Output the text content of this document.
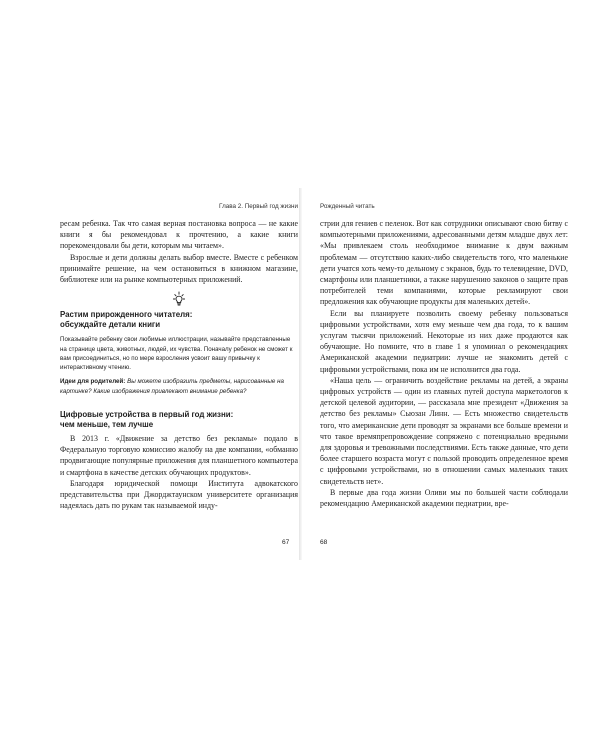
Глава 2. Первый год жизни	Рожденный читать

ресам ребенка. Так что самая верная постановка вопроса — не какие книги я бы рекомендовал к прочтению, а какие книги порекомендовали бы дети, которым мы читаем».

Взрослые и дети должны делать выбор вместе. Вместе с ребенком принимайте решение, на чем остановиться в книжном магазине, библиотеке или на рынке компьютерных приложений.

Растим прирожденного читателя:

обсуждайте детали книги

Показывайте ребенку свои любимые иллюстрации, называйте представленные на странице цвета, животных, людей, их чувства. Поначалу ребенок не сможет к вам присоединиться, но по мере взросления усвоит вашу привычку к интерактивному чтению.

Идеи для родителей: Вы можете изобразить предметы, нарисованные на картинке? Какие изображения привлекают внимание ребенка?

Цифровые устройства в первый год жизни:

чем меньше, тем лучше

В 2013 г. «Движение за детство без рекламы» подало в Федеральную торговую комиссию жалобу на две компании, «обманно продвигающие популярные приложения для планшетного компьютера и смартфона в качестве детских обучающих продуктов».

Благодаря юридической помощи Института адвокатского представительства при Джорджтаунском университете организация надеялась дать по рукам так называемой инду-

стрии для гениев с пеленок. Вот как сотрудники описывают свою битву с компьютерными приложениями, адресованными детям младше двух лет: «Мы привлекаем столь необходимое внимание к двум важным проблемам — отсутствию каких-либо свидетельств того, что маленькие дети учатся хоть чему-то дельному с экранов, будь то телевидение, DVD, смартфоны или планшетники, а также нарушению законов о защите прав потребителей теми компаниями, которые рекламируют свои предложения как обучающие продукты для маленьких детей».

Если вы планируете позволить своему ребенку пользоваться цифровыми устройствами, хотя ему меньше чем два года, то к вашим услугам тысячи приложений. Некоторые из них даже продаются как обучающие. Но помните, что в главе 1 я упоминал о рекомендациях Американской академии педиатрии: лучше не знакомить детей с цифровыми устройствами, пока им не исполнится два года.

«Наша цель — ограничить воздействие рекламы на детей, а экраны цифровых устройств — один из главных путей доступа маркетологов к детской целевой аудитории, — рассказала мне президент «Движения за детство без рекламы» Сьюзан Линн. — Есть множество свидетельств того, что американские дети проводят за экранами все больше времени и что такое времяпрепровождение сопряжено с потенциально вредными для здоровья и тревожными последствиями. Есть также данные, что дети более старшего возраста могут с пользой проводить определенное время с цифровыми устройствами, но в отношении самых маленьких таких свидетельств нет».

В первые два года жизни Оливи мы по большей части соблюдали рекомендацию Американской академии педиатрии, вре-

67	68
